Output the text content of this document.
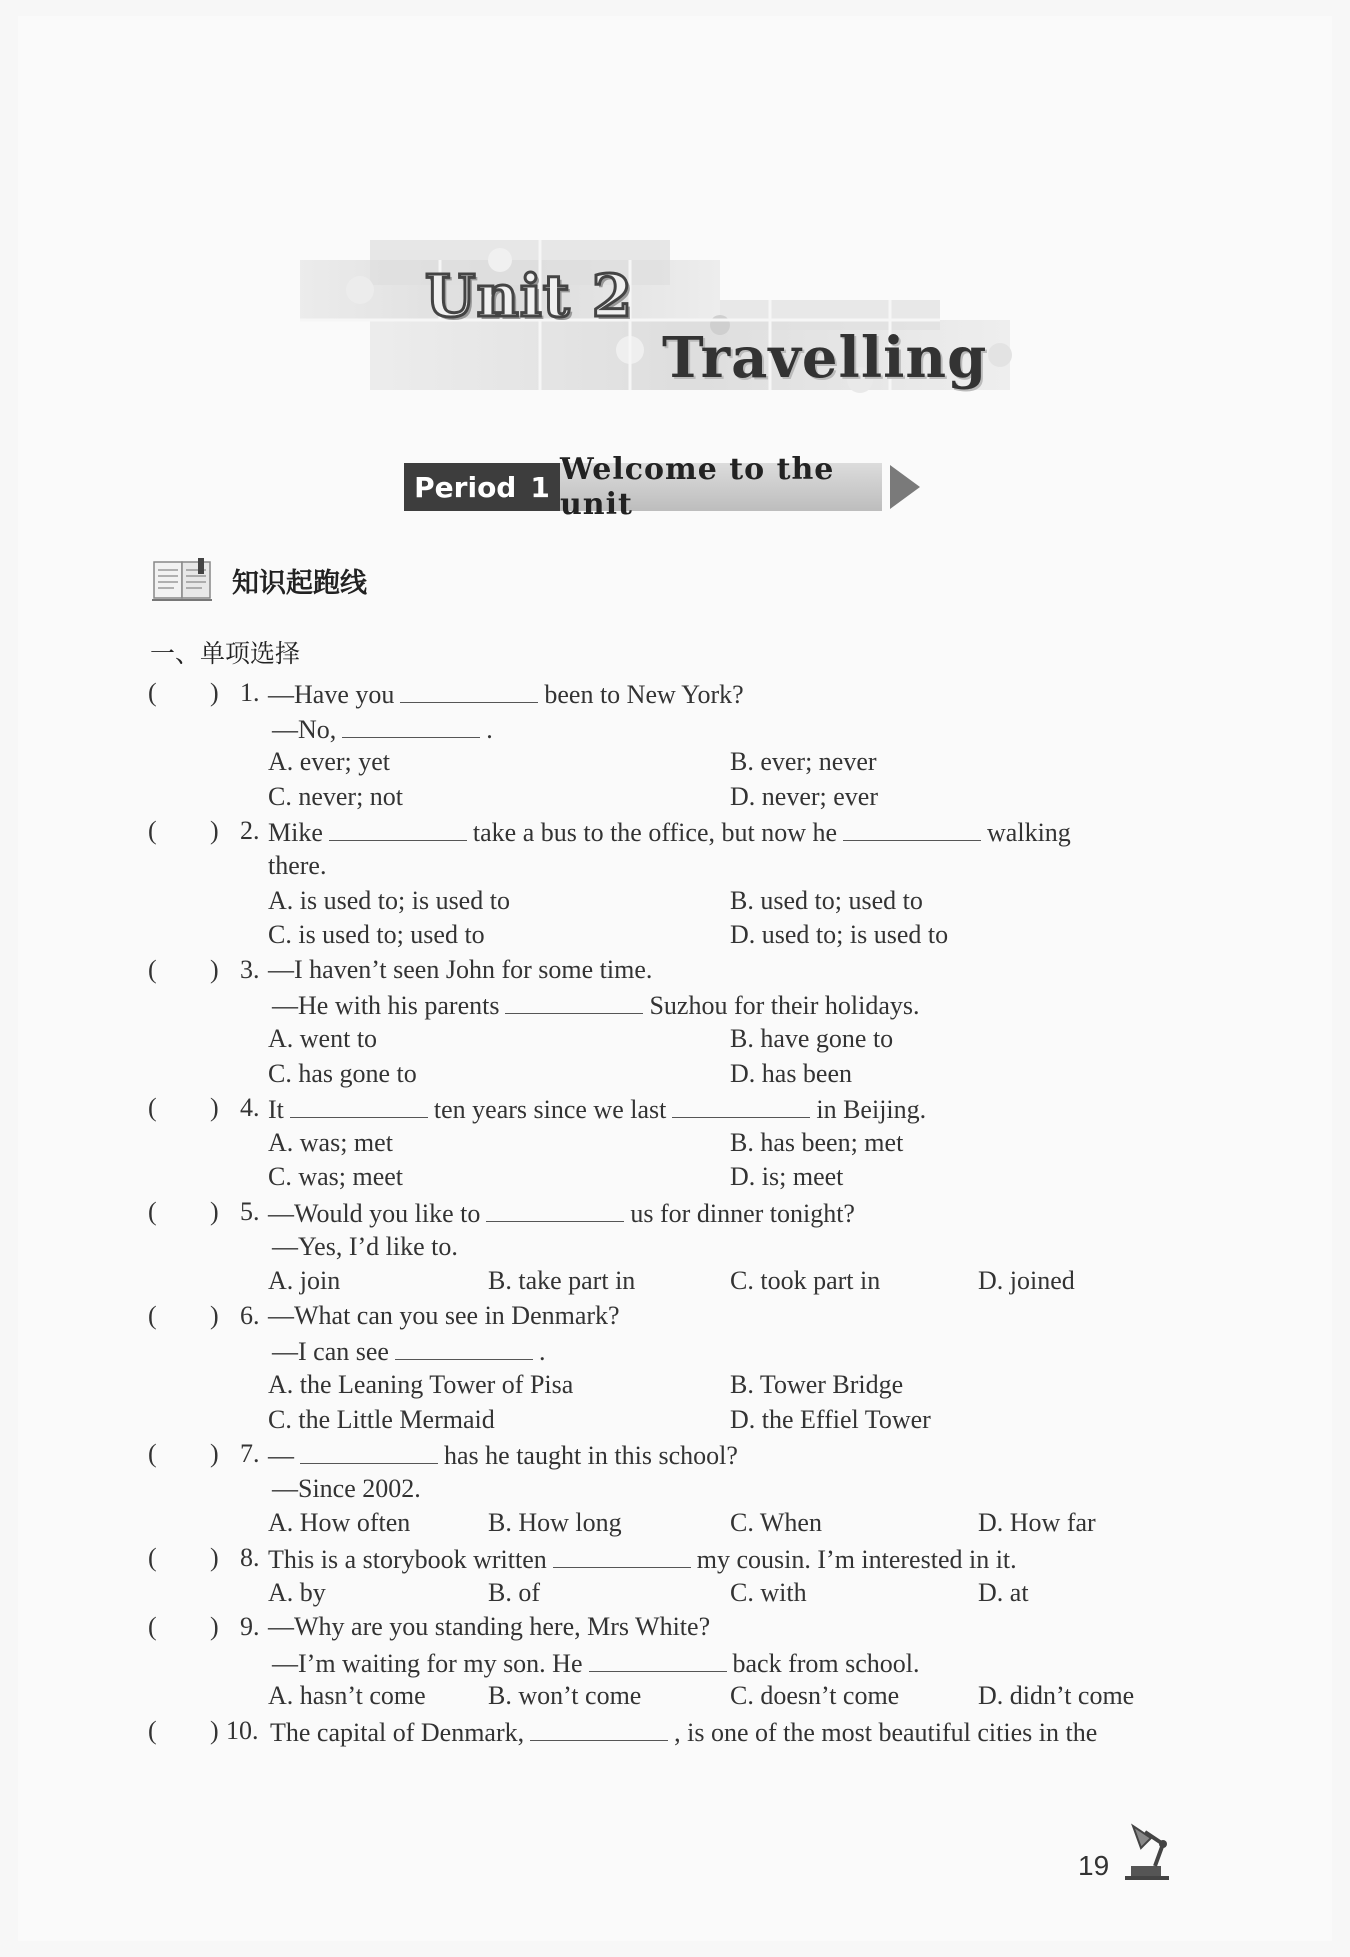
Unit 2
Travelling
Period 1 Welcome to the unit
知识起跑线
一、单项选择
( ) 1. —Have you	been to New York?
—No,	.
A. ever; yet	B. ever; never
C. never; not	D. never; ever
( ) 2. Mike	take a bus to the office, but now he	walking
there.
A. is used to; is used to	B. used to; used to
C. is used to; used to	D. used to; is used to
( ) 3. —I haven’t seen John for some time.
—He with his parents	Suzhou for their holidays.
A. went to	B. have gone to
C. has gone to	D. has been
( ) 4. It	ten years since we last	in Beijing.
A. was; met	B. has been; met
C. was; meet	D. is; meet
( ) 5. —Would you like to	us for dinner tonight?
—Yes, I’d like to.
A. join	B. take part in	C. took part in	D. joined
( ) 6. —What can you see in Denmark?
—I can see	.
A. the Leaning Tower of Pisa	B. Tower Bridge
C. the Little Mermaid	D. the Effiel Tower
( ) 7. —	has he taught in this school?
—Since 2002.
A. How often	B. How long	C. When	D. How far
( ) 8. This is a storybook written	my cousin. I’m interested in it.
A. by	B. of	C. with	D. at
( ) 9. —Why are you standing here, Mrs White?
—I’m waiting for my son. He	back from school.
A. hasn’t come B. won’t come	C. doesn’t come	D. didn’t come
( ) 10. The capital of Denmark,	, is one of the most beautiful cities in the
19
